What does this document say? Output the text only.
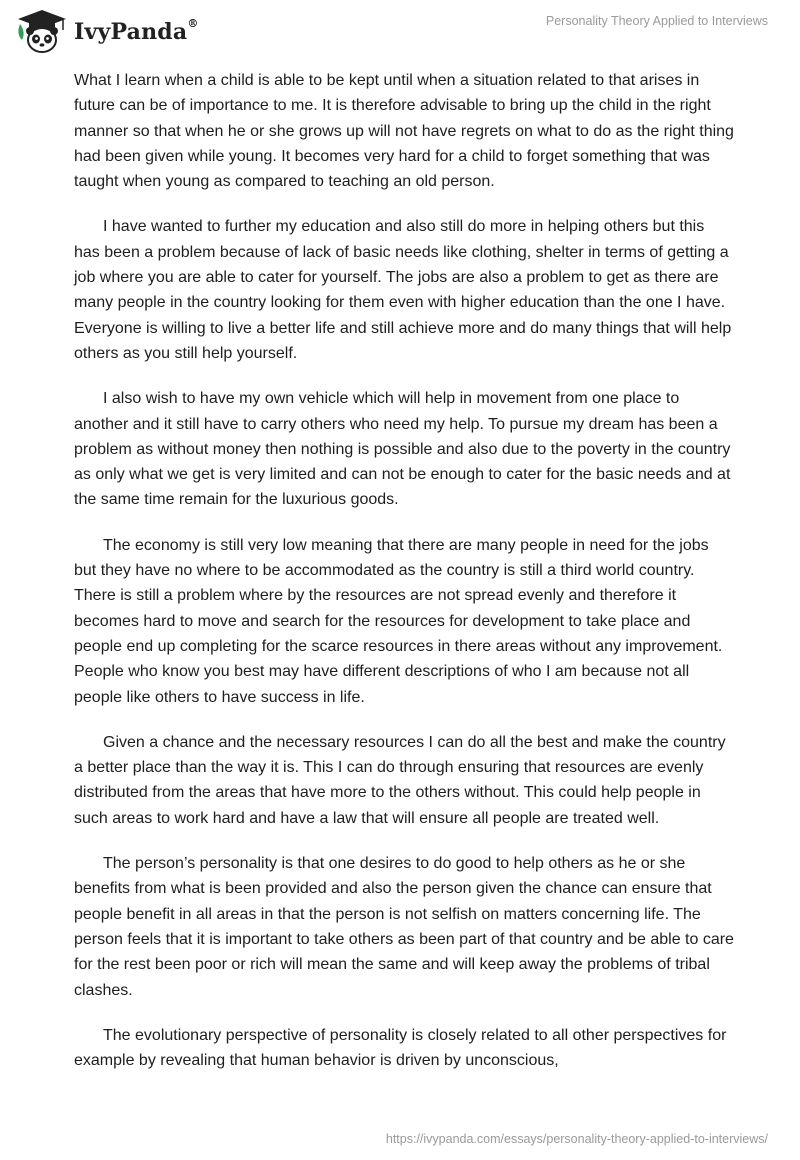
IvyPanda®	Personality Theory Applied to Interviews

What I learn when a child is able to be kept until when a situation related to that arises in future can be of importance to me. It is therefore advisable to bring up the child in the right manner so that when he or she grows up will not have regrets on what to do as the right thing had been given while young. It becomes very hard for a child to forget something that was taught when young as compared to teaching an old person.

I have wanted to further my education and also still do more in helping others but this has been a problem because of lack of basic needs like clothing, shelter in terms of getting a job where you are able to cater for yourself. The jobs are also a problem to get as there are many people in the country looking for them even with higher education than the one I have. Everyone is willing to live a better life and still achieve more and do many things that will help others as you still help yourself.

I also wish to have my own vehicle which will help in movement from one place to another and it still have to carry others who need my help. To pursue my dream has been a problem as without money then nothing is possible and also due to the poverty in the country as only what we get is very limited and can not be enough to cater for the basic needs and at the same time remain for the luxurious goods.

The economy is still very low meaning that there are many people in need for the jobs but they have no where to be accommodated as the country is still a third world country. There is still a problem where by the resources are not spread evenly and therefore it becomes hard to move and search for the resources for development to take place and people end up completing for the scarce resources in there areas without any improvement. People who know you best may have different descriptions of who I am because not all people like others to have success in life.

Given a chance and the necessary resources I can do all the best and make the country a better place than the way it is. This I can do through ensuring that resources are evenly distributed from the areas that have more to the others without. This could help people in such areas to work hard and have a law that will ensure all people are treated well.

The person’s personality is that one desires to do good to help others as he or she benefits from what is been provided and also the person given the chance can ensure that people benefit in all areas in that the person is not selfish on matters concerning life. The person feels that it is important to take others as been part of that country and be able to care for the rest been poor or rich will mean the same and will keep away the problems of tribal clashes.

The evolutionary perspective of personality is closely related to all other perspectives for example by revealing that human behavior is driven by unconscious,

https://ivypanda.com/essays/personality-theory-applied-to-interviews/
